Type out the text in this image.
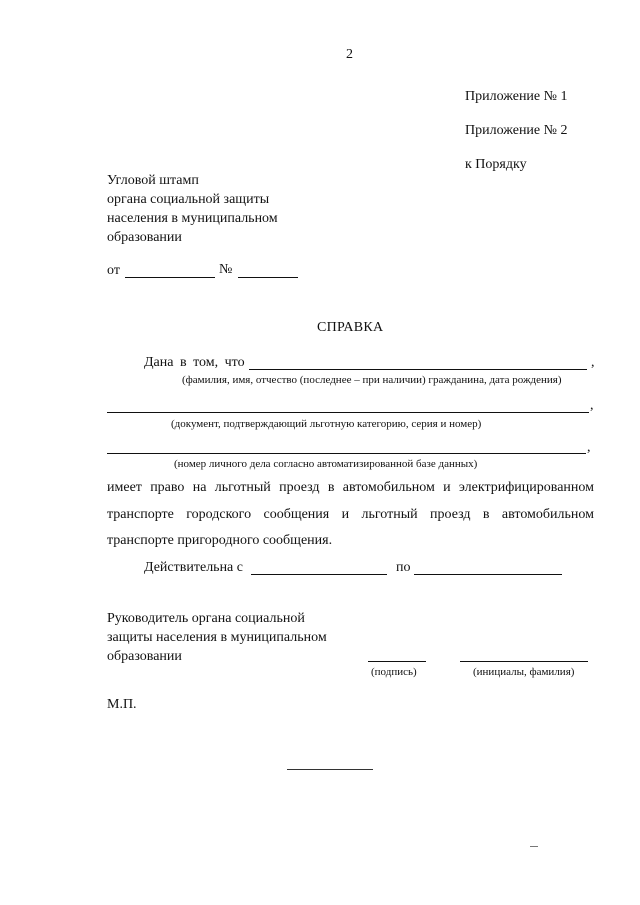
2
Приложение № 1
Приложение № 2
к Порядку
Угловой штамп
органа социальной защиты
населения в муниципальном
образовании
от	№
СПРАВКА
Дана в том, что	,
(фамилия, имя, отчество (последнее – при наличии) гражданина, дата рождения)
,
(документ, подтверждающий льготную категорию, серия и номер)
,
(номер личного дела согласно автоматизированной базе данных)
имеет право на льготный проезд в автомобильном и электрифицированном
транспорте городского сообщения и льготный проезд в автомобильном
транспорте пригородного сообщения.
Действительна с	по
Руководитель органа социальной
защиты населения в муниципальном
образовании
(подпись)	(инициалы, фамилия)
М.П.
